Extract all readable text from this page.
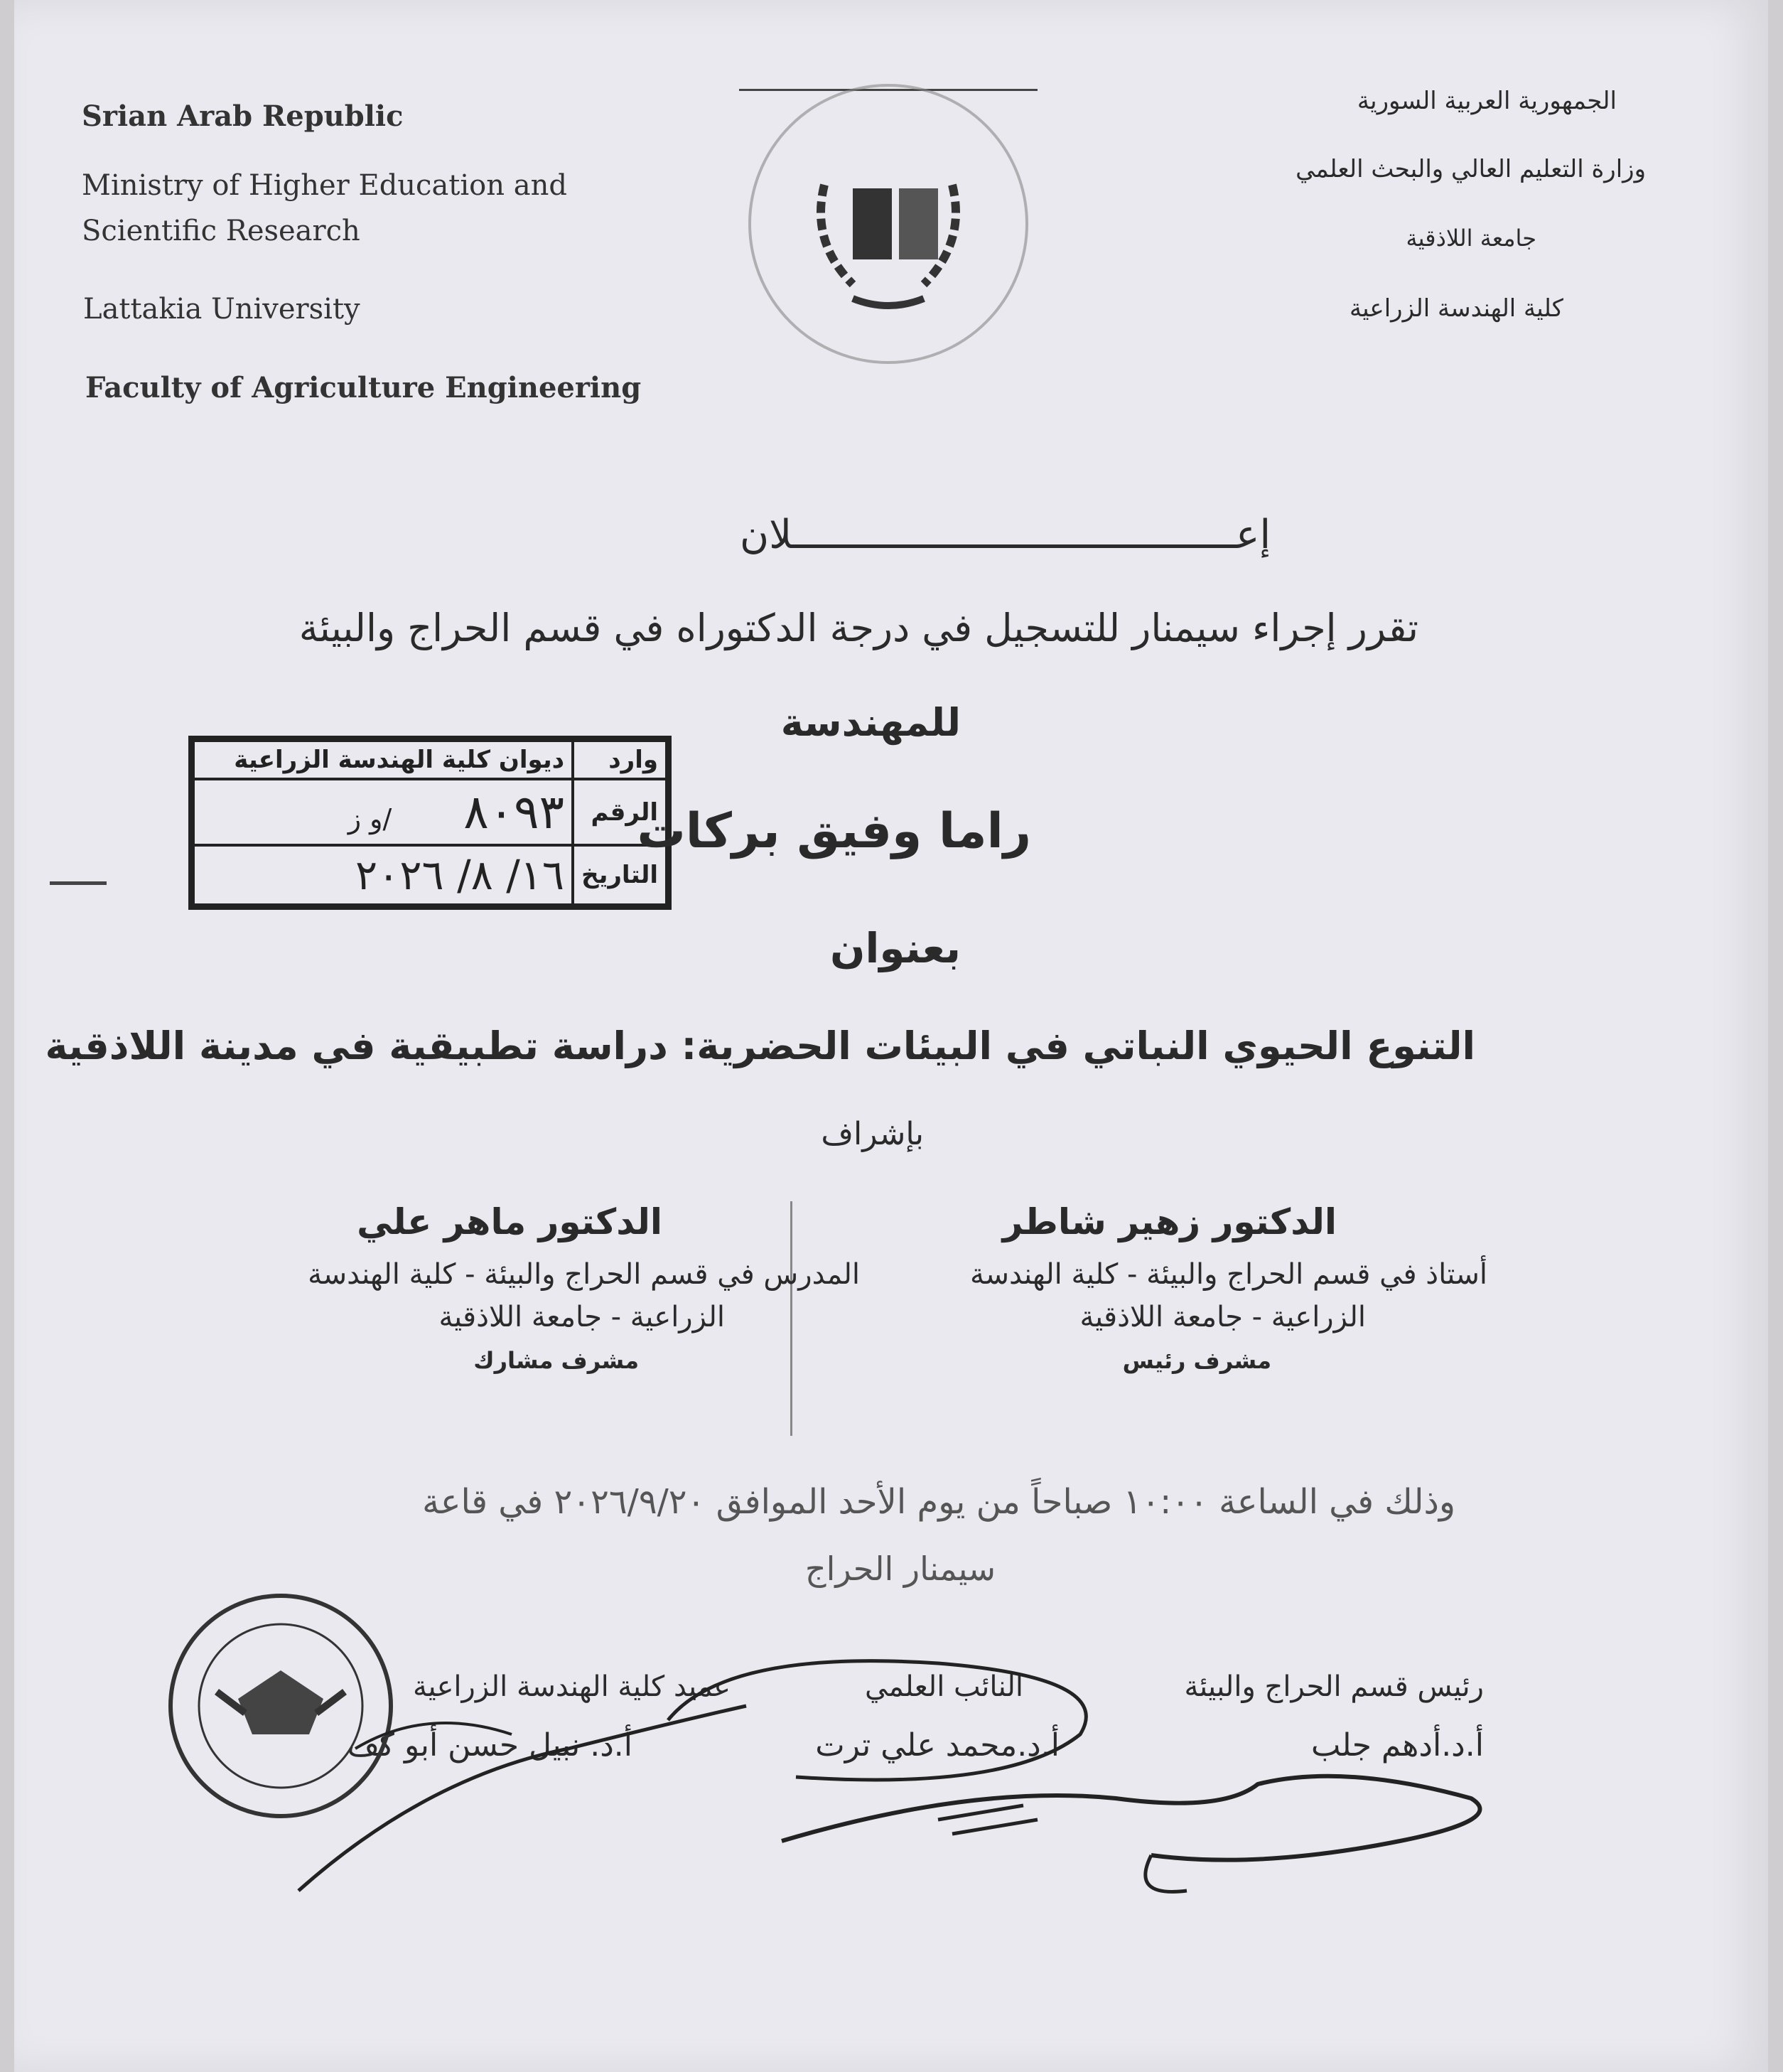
Srian Arab Republic
Ministry of Higher Education and
Scientific Research
Lattakia University
Faculty of Agriculture Engineering
الجمهورية العربية السورية
وزارة التعليم العالي والبحث العلمي
جامعة اللاذقية
كلية الهندسة الزراعية
إعــــــــــــــــــــــــــــــــــــــلان
تقرر إجراء سيمنار للتسجيل في درجة الدكتوراه في قسم الحراج والبيئة
للمهندسة
وارد	ديوان كلية الهندسة الزراعية
الرقم	٨٠٩٣ /و ز
التاريخ	١٦/ ٨/ ٢٠٢٦
راما وفيق بركات
بعنوان
التنوع الحيوي النباتي في البيئات الحضرية: دراسة تطبيقية في مدينة اللاذقية
بإشراف
الدكتور زهير شاطر
أستاذ في قسم الحراج والبيئة - كلية الهندسة
الزراعية - جامعة اللاذقية
مشرف رئيس
الدكتور ماهر علي
المدرس في قسم الحراج والبيئة - كلية الهندسة
الزراعية - جامعة اللاذقية
مشرف مشارك
وذلك في الساعة ١٠:٠٠ صباحاً من يوم الأحد الموافق ٢٠٢٦/٩/٢٠ في قاعة
سيمنار الحراج
رئيس قسم الحراج والبيئة
أ.د.أدهم جلب
النائب العلمي
أ.د.محمد علي ترت
عميد كلية الهندسة الزراعية
أ.د. نبيل حسن أبو كف
